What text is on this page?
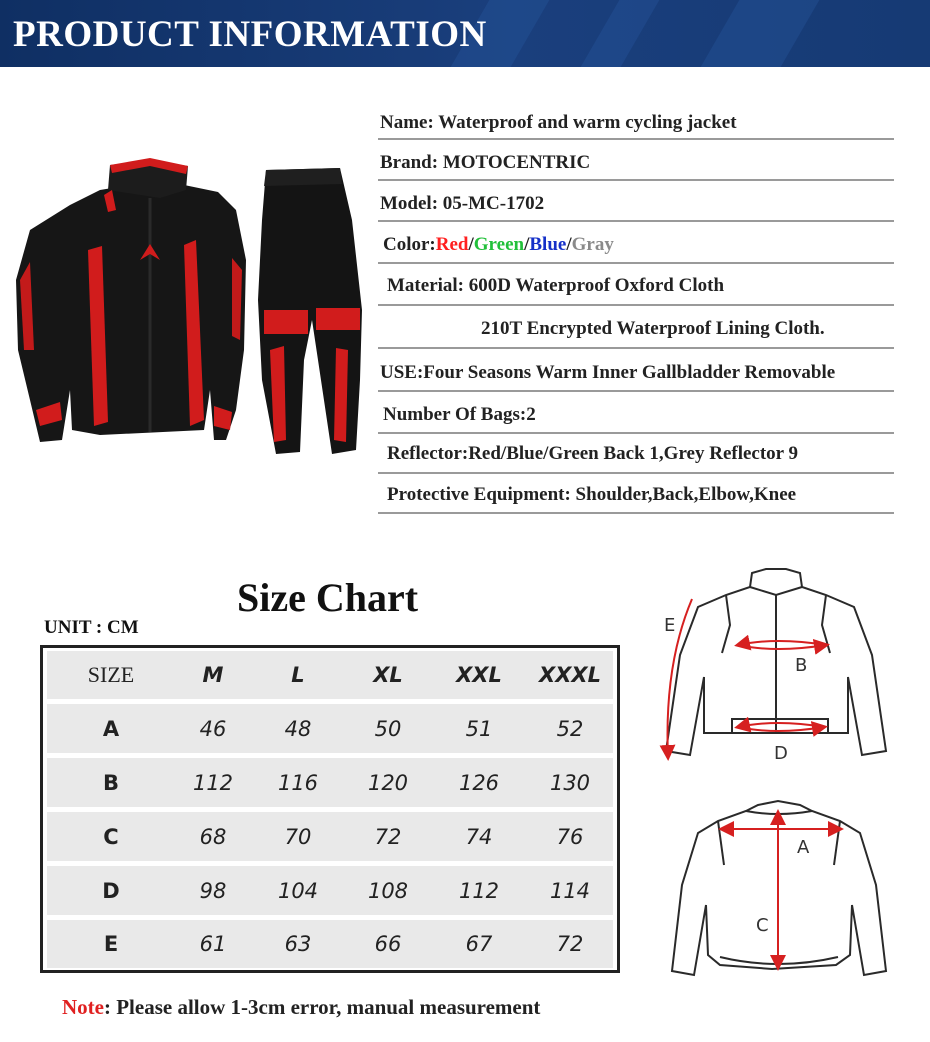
PRODUCT INFORMATION
Name: Waterproof and warm cycling jacket
Brand: MOTOCENTRIC
Model: 05-MC-1702
Color:Red/Green/Blue/Gray
Material: 600D Waterproof Oxford Cloth
210T Encrypted Waterproof Lining Cloth.
USE:Four Seasons Warm Inner Gallbladder Removable
Number Of Bags:2
Reflector:Red/Blue/Green Back 1,Grey Reflector 9
Protective Equipment: Shoulder,Back,Elbow,Knee
Size Chart
UNIT : CM
SIZE	M	L	XL	XXL	XXXL
A	46	48	50	51	52
B	112	116	120	126	130
C	68	70	72	74	76
D	98	104	108	112	114
E	61	63	66	67	72
Note: Please allow 1-3cm error, manual measurement
E
B
D
A
C
